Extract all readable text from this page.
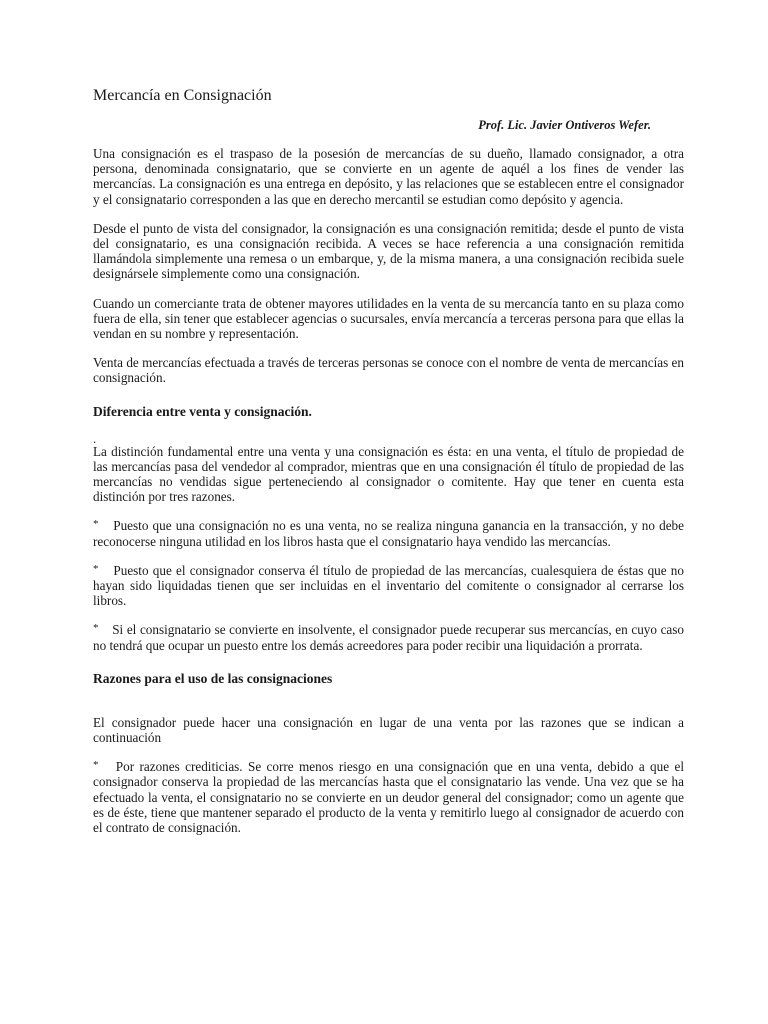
Mercancía en Consignación
Prof. Lic. Javier Ontiveros Wefer.

Una consignación es el traspaso de la posesión de mercancías de su dueño, llamado consignador, a otra persona, denominada consignatario, que se convierte en un agente de aquél a los fines de vender las mercancías. La consignación es una entrega en depósito, y las relaciones que se establecen entre el consignador y el consignatario corresponden a las que en derecho mercantil se estudian como depósito y agencia.

Desde el punto de vista del consignador, la consignación es una consignación remitida; desde el punto de vista del consignatario, es una consignación recibida. A veces se hace referencia a una consignación remitida llamándola simplemente una remesa o un embarque, y, de la misma manera, a una consignación recibida suele designársele simplemente como una consignación.

Cuando un comerciante trata de obtener mayores utilidades en la venta de su mercancía tanto en su plaza como fuera de ella, sin tener que establecer agencias o sucursales, envía mercancía a terceras persona para que ellas la vendan en su nombre y representación.

Venta de mercancías efectuada a través de terceras personas se conoce con el nombre de venta de mercancías en consignación.

Diferencia entre venta y consignación.
.

La distinción fundamental entre una venta y una consignación es ésta: en una venta, el título de propiedad de las mercancías pasa del vendedor al comprador, mientras que en una consignación él título de propiedad de las mercancías no vendidas sigue perteneciendo al consignador o comitente. Hay que tener en cuenta esta distinción por tres razones.

* Puesto que una consignación no es una venta, no se realiza ninguna ganancia en la transacción, y no debe reconocerse ninguna utilidad en los libros hasta que el consignatario haya vendido las mercancías.

* Puesto que el consignador conserva él título de propiedad de las mercancías, cualesquiera de éstas que no hayan sido liquidadas tienen que ser incluidas en el inventario del comitente o consignador al cerrarse los libros.

*  Si el consignatario se convierte en insolvente, el consignador puede recuperar sus mercancías, en cuyo caso no tendrá que ocupar un puesto entre los demás acreedores para poder recibir una liquidación a prorrata.

Razones para el uso de las consignaciones

El consignador puede hacer una consignación en lugar de una venta por las razones que se indican a continuación

* Por razones crediticias. Se corre menos riesgo en una consignación que en una venta, debido a que el consignador conserva la propiedad de las mercancías hasta que el consignatario las vende. Una vez que se ha efectuado la venta, el consignatario no se convierte en un deudor general del consignador; como un agente que es de éste, tiene que mantener separado el producto de la venta y remitirlo luego al consignador de acuerdo con el contrato de consignación.
